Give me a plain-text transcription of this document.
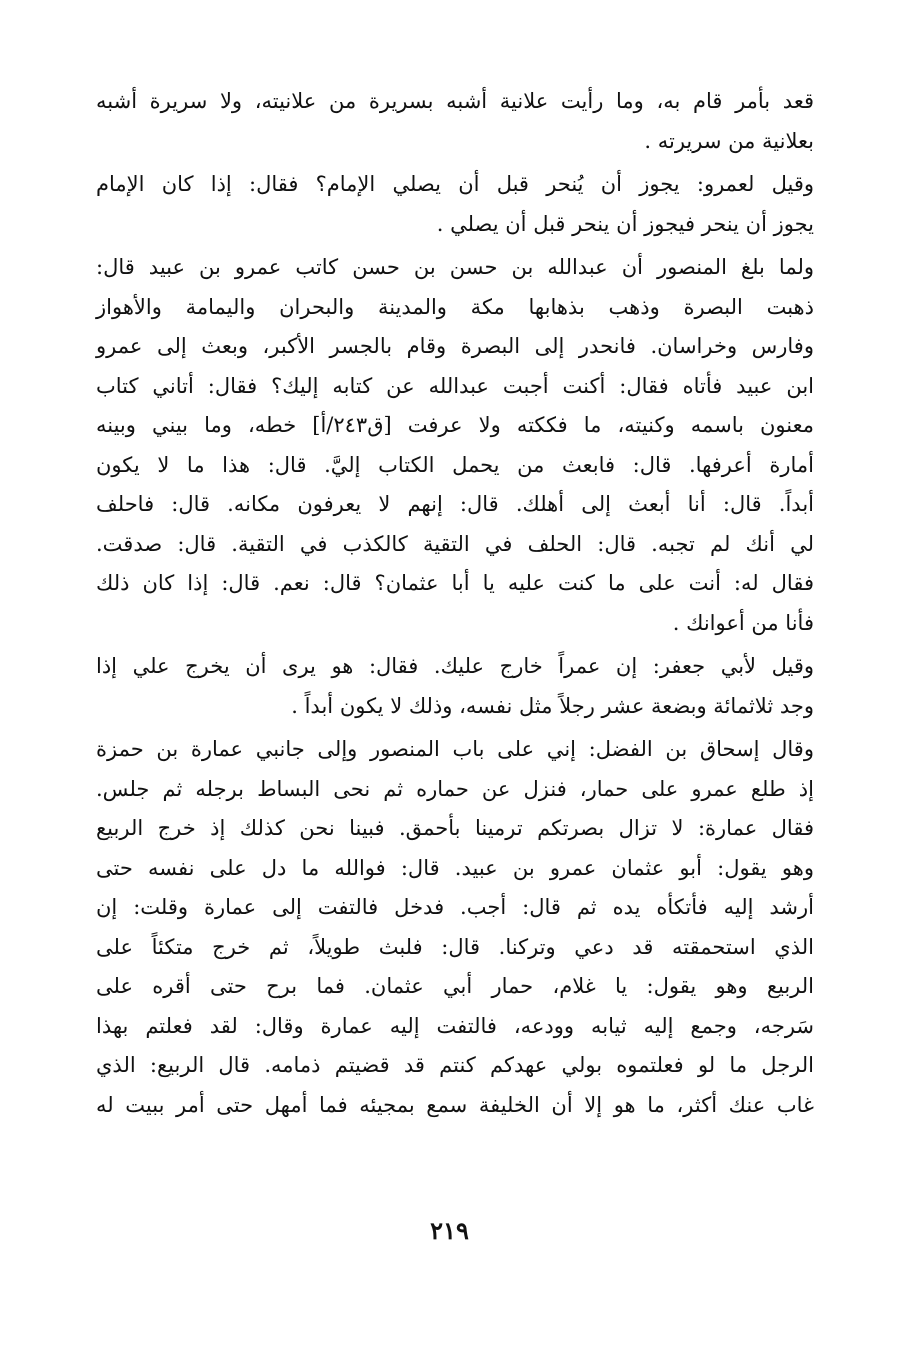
قعد بأمر قام به، وما رأيت علانية أشبه بسريرة من علانيته، ولا سريرة أشبه
بعلانية من سريرته .

وقيل لعمرو: يجوز أن يُنحر قبل أن يصلي الإمام؟ فقال: إذا كان الإمام
يجوز أن ينحر فيجوز أن ينحر قبل أن يصلي .

ولما بلغ المنصور أن عبدالله بن حسن بن حسن كاتب عمرو بن عبيد قال:
ذهبت البصرة وذهب بذهابها مكة والمدينة والبحران واليمامة والأهواز
وفارس وخراسان. فانحدر إلى البصرة وقام بالجسر الأكبر، وبعث إلى عمرو
ابن عبيد فأتاه فقال: أكنت أجبت عبدالله عن كتابه إليك؟ فقال: أتاني كتاب
معنون باسمه وكنيته، ما فككته ولا عرفت [ق٢٤٣/أ] خطه، وما بيني وبينه
أمارة أعرفها. قال: فابعث من يحمل الكتاب إليَّ. قال: هذا ما لا يكون
أبداً. قال: أنا أبعث إلى أهلك. قال: إنهم لا يعرفون مكانه. قال: فاحلف
لي أنك لم تجبه. قال: الحلف في التقية كالكذب في التقية. قال: صدقت.
فقال له: أنت على ما كنت عليه يا أبا عثمان؟ قال: نعم. قال: إذا كان ذلك
فأنا من أعوانك .

وقيل لأبي جعفر: إن عمراً خارج عليك. فقال: هو يرى أن يخرج علي إذا
وجد ثلاثمائة وبضعة عشر رجلاً مثل نفسه، وذلك لا يكون أبداً .

وقال إسحاق بن الفضل: إني على باب المنصور وإلى جانبي عمارة بن حمزة
إذ طلع عمرو على حمار، فنزل عن حماره ثم نحى البساط برجله ثم جلس.
فقال عمارة: لا تزال بصرتكم ترمينا بأحمق. فبينا نحن كذلك إذ خرج الربيع
وهو يقول: أبو عثمان عمرو بن عبيد. قال: فوالله ما دل على نفسه حتى
أرشد إليه فأتكأه يده ثم قال: أجب. فدخل فالتفت إلى عمارة وقلت: إن
الذي استحمقته قد دعي وتركنا. قال: فلبث طويلاً، ثم خرج متكئاً على
الربيع وهو يقول: يا غلام، حمار أبي عثمان. فما برح حتى أقره على
سَرجه، وجمع إليه ثيابه وودعه، فالتفت إليه عمارة وقال: لقد فعلتم بهذا
الرجل ما لو فعلتموه بولي عهدكم كنتم قد قضيتم ذمامه. قال الربيع: الذي
غاب عنك أكثر، ما هو إلا أن الخليفة سمع بمجيئه فما أمهل حتى أمر ببيت له

٢١٩
